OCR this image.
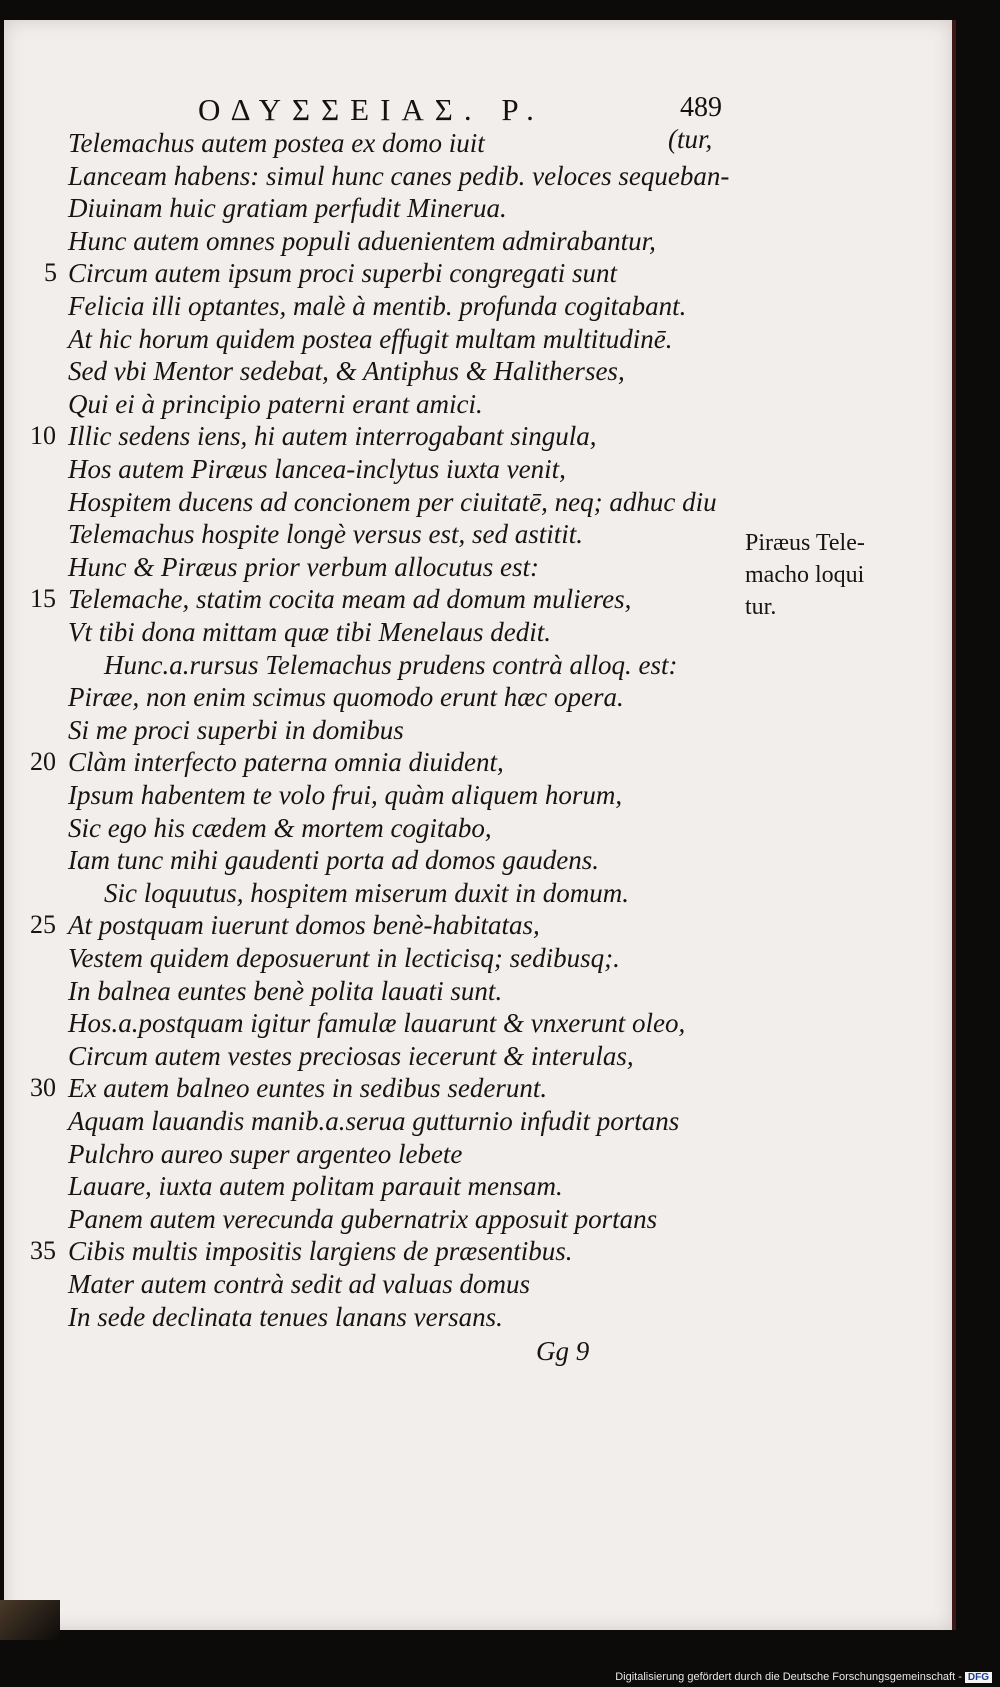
ΟΔΥΣΣΕΙΑΣ. Ρ.	489
(tur,
Telemachus autem postea ex domo iuit
Lanceam habens: simul hunc canes pedib. veloces sequeban-
Diuinam huic gratiam perfudit Minerua.
Hunc autem omnes populi aduenientem admirabantur,
Circum autem ipsum proci superbi congregati sunt
5
Felicia illi optantes, malè à mentib. profunda cogitabant.
At hic horum quidem postea effugit multam multitudinē.
Sed vbi Mentor sedebat, & Antiphus & Halitherses,
Qui ei à principio paterni erant amici.
Illic sedens iens, hi autem interrogabant singula,
10
Hos autem Piræus lancea-inclytus iuxta venit,
Hospitem ducens ad concionem per ciuitatē, neq; adhuc diu
Telemachus hospite longè versus est, sed astitit.
Hunc & Piræus prior verbum allocutus est:
Telemache, statim cocita meam ad domum mulieres,
15
Vt tibi dona mittam quæ tibi Menelaus dedit.
Hunc.a.rursus Telemachus prudens contrà alloq. est:
Piræe, non enim scimus quomodo erunt hæc opera.
Si me proci superbi in domibus
Clàm interfecto paterna omnia diuident,
20
Ipsum habentem te volo frui, quàm aliquem horum,
Sic ego his cædem & mortem cogitabo,
Iam tunc mihi gaudenti porta ad domos gaudens.
Sic loquutus, hospitem miserum duxit in domum.
At postquam iuerunt domos benè-habitatas,
25
Vestem quidem deposuerunt in lecticisq; sedibusq;.
In balnea euntes benè polita lauati sunt.
Hos.a.postquam igitur famulæ lauarunt & vnxerunt oleo,
Circum autem vestes preciosas iecerunt & interulas,
Ex autem balneo euntes in sedibus sederunt.
30
Aquam lauandis manib.a.serua gutturnio infudit portans
Pulchro aureo super argenteo lebete
Lauare, iuxta autem politam parauit mensam.
Panem autem verecunda gubernatrix apposuit portans
Cibis multis impositis largiens de præsentibus.
35
Mater autem contrà sedit ad valuas domus
In sede declinata tenues lanans versans.
Piræus Tele-
macho loqui
tur.
Gg 9
Digitalisierung gefördert durch die Deutsche Forschungsgemeinschaft - DFG
